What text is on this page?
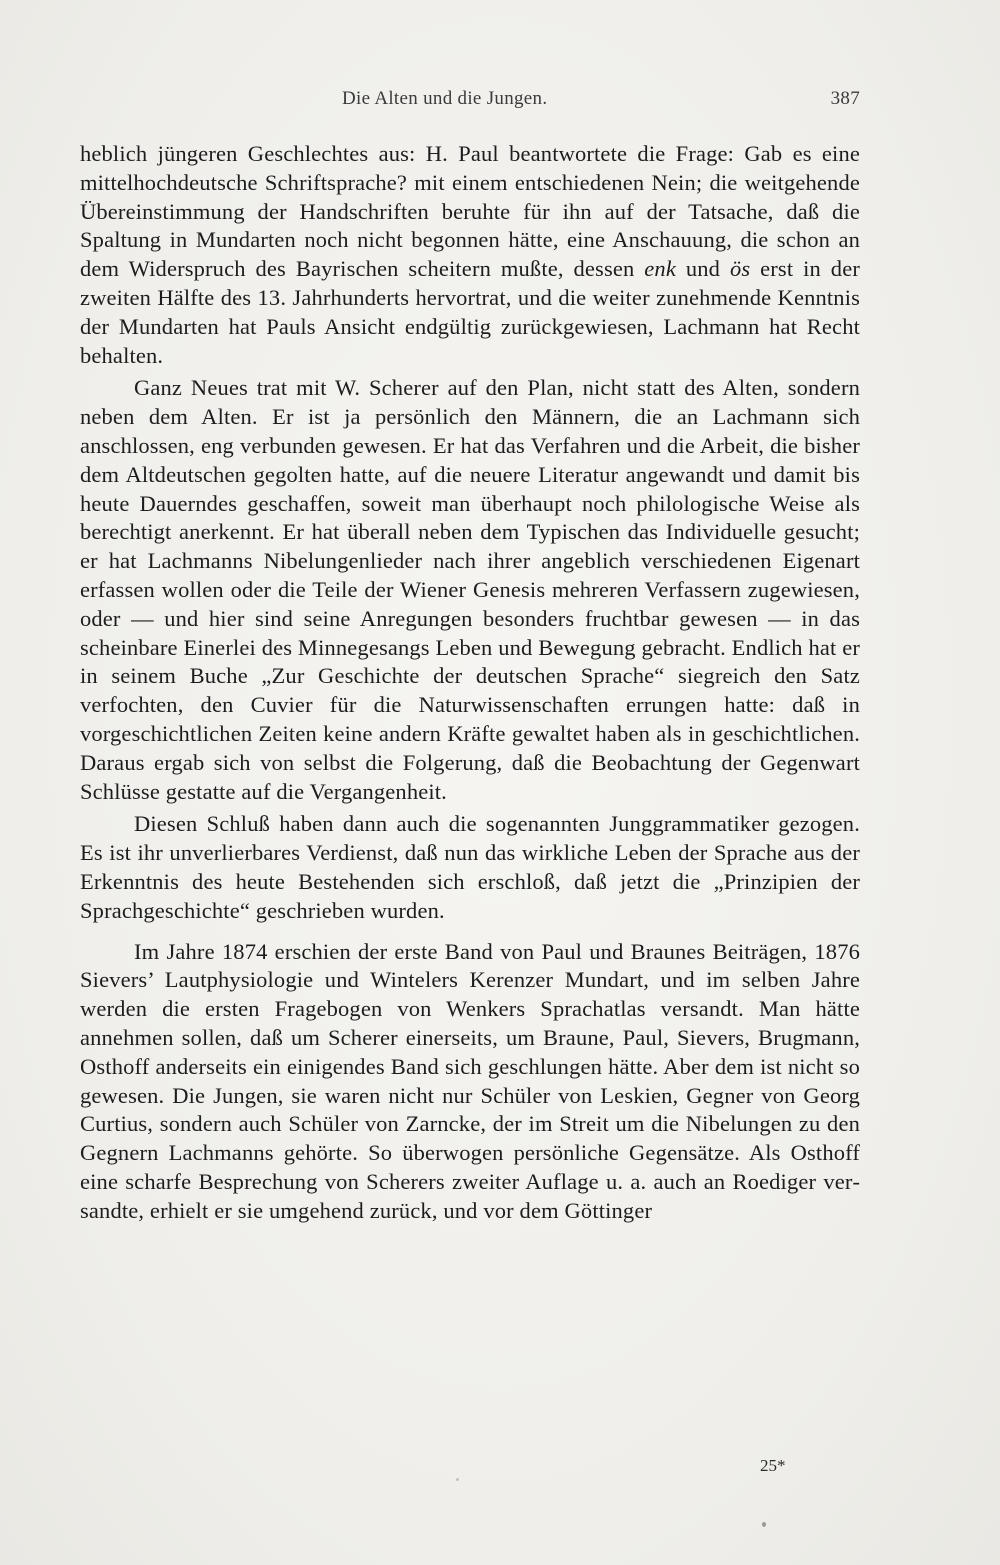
Die Alten und die Jungen.	387

heblich jüngeren Geschlechtes aus: H. Paul beantwortete die Frage: Gab es eine mittelhochdeutsche Schriftsprache? mit einem entschiedenen Nein; die weitgehende Übereinstimmung der Handschriften beruhte für ihn auf der Tatsache, daß die Spaltung in Mundarten noch nicht begonnen hätte, eine Anschauung, die schon an dem Widerspruch des Bayrischen scheitern mußte, dessen enk und ös erst in der zweiten Hälfte des 13. Jahrhunderts hervortrat, und die weiter zunehmende Kenntnis der Mundarten hat Pauls Ansicht endgültig zurückgewiesen, Lachmann hat Recht behalten.

Ganz Neues trat mit W. Scherer auf den Plan, nicht statt des Alten, sondern neben dem Alten. Er ist ja persönlich den Männern, die an Lachmann sich anschlossen, eng verbunden gewesen. Er hat das Verfahren und die Arbeit, die bisher dem Altdeutschen gegolten hatte, auf die neuere Literatur angewandt und damit bis heute Dauerndes geschaffen, soweit man überhaupt noch philologische Weise als berechtigt anerkennt. Er hat überall neben dem Typischen das Individuelle gesucht; er hat Lachmanns Nibelungenlieder nach ihrer angeblich verschiedenen Eigenart erfassen wollen oder die Teile der Wiener Genesis mehreren Verfassern zugewiesen, oder — und hier sind seine Anregungen besonders fruchtbar gewesen — in das scheinbare Einerlei des Minnegesangs Leben und Bewegung gebracht. Endlich hat er in seinem Buche „Zur Geschichte der deutschen Sprache“ siegreich den Satz verfochten, den Cuvier für die Naturwissenschaften errungen hatte: daß in vorgeschichtlichen Zeiten keine andern Kräfte gewaltet haben als in geschichtlichen. Daraus ergab sich von selbst die Folgerung, daß die Beobachtung der Gegenwart Schlüsse gestatte auf die Vergangenheit.

Diesen Schluß haben dann auch die sogenannten Junggrammatiker gezogen. Es ist ihr unverlierbares Verdienst, daß nun das wirkliche Leben der Sprache aus der Erkenntnis des heute Bestehenden sich erschloß, daß jetzt die „Prinzipien der Sprachgeschichte“ geschrieben wurden.

Im Jahre 1874 erschien der erste Band von Paul und Braunes Beiträgen, 1876 Sievers’ Lautphysiologie und Wintelers Kerenzer Mundart, und im selben Jahre werden die ersten Fragebogen von Wenkers Sprachatlas versandt. Man hätte annehmen sollen, daß um Scherer einerseits, um Braune, Paul, Sievers, Brugmann, Osthoff anderseits ein einigendes Band sich geschlungen hätte. Aber dem ist nicht so gewesen. Die Jungen, sie waren nicht nur Schüler von Leskien, Gegner von Georg Curtius, sondern auch Schüler von Zarncke, der im Streit um die Nibelungen zu den Gegnern Lachmanns gehörte. So überwogen persönliche Gegensätze. Als Osthoff eine scharfe Besprechung von Scherers zweiter Auflage u. a. auch an Roediger versandte, erhielt er sie umgehend zurück, und vor dem Göttinger

25*
